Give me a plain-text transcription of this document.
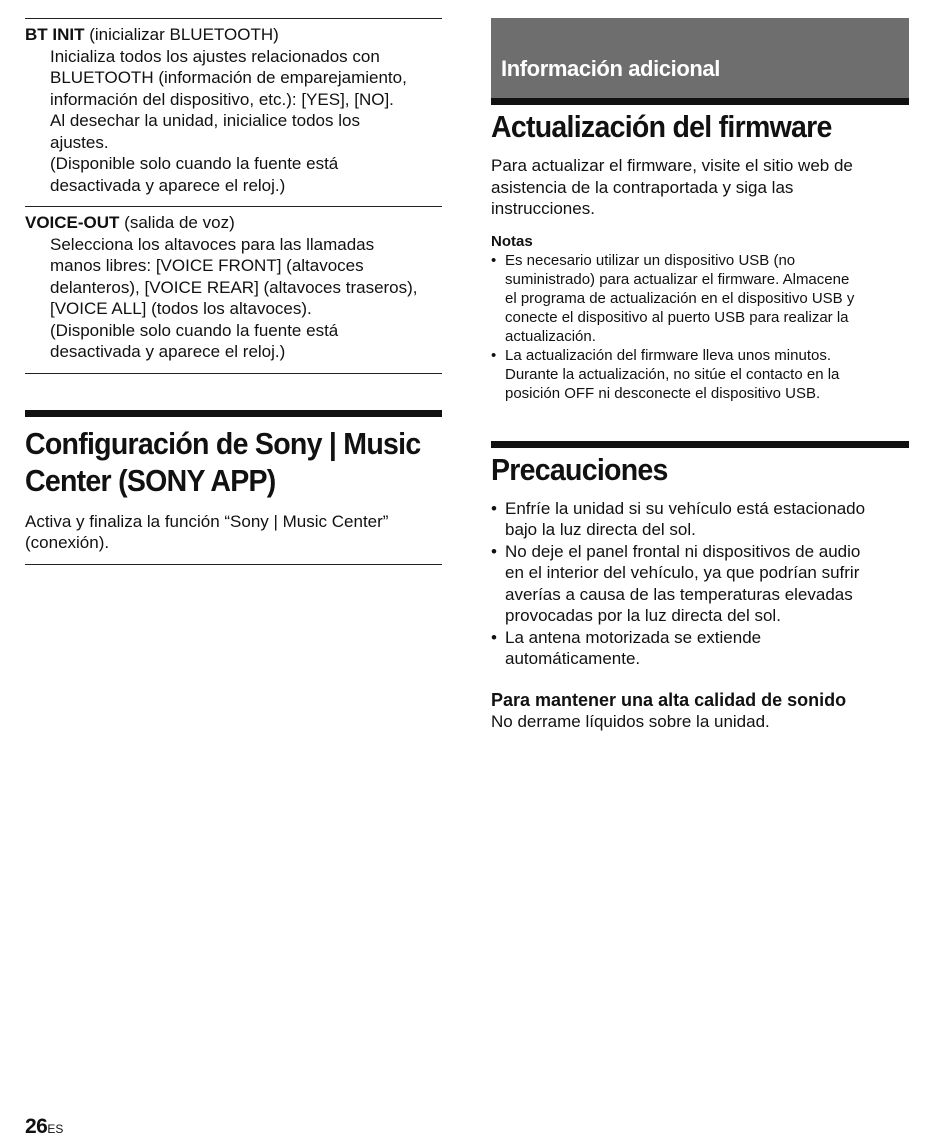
BT INIT (inicializar BLUETOOTH)
Inicializa todos los ajustes relacionados con
BLUETOOTH (información de emparejamiento,
información del dispositivo, etc.): [YES], [NO].
Al desechar la unidad, inicialice todos los
ajustes.
(Disponible solo cuando la fuente está
desactivada y aparece el reloj.)
VOICE-OUT (salida de voz)
Selecciona los altavoces para las llamadas
manos libres: [VOICE FRONT] (altavoces
delanteros), [VOICE REAR] (altavoces traseros),
[VOICE ALL] (todos los altavoces).
(Disponible solo cuando la fuente está
desactivada y aparece el reloj.)
Configuración de Sony | Music
Center (SONY APP)
Activa y finaliza la función “Sony | Music Center”
(conexión).
Información adicional
Actualización del firmware
Para actualizar el firmware, visite el sitio web de
asistencia de la contraportada y siga las
instrucciones.
Notas
• Es necesario utilizar un dispositivo USB (no
suministrado) para actualizar el firmware. Almacene
el programa de actualización en el dispositivo USB y
conecte el dispositivo al puerto USB para realizar la
actualización.
• La actualización del firmware lleva unos minutos.
Durante la actualización, no sitúe el contacto en la
posición OFF ni desconecte el dispositivo USB.
Precauciones
• Enfríe la unidad si su vehículo está estacionado
bajo la luz directa del sol.
• No deje el panel frontal ni dispositivos de audio
en el interior del vehículo, ya que podrían sufrir
averías a causa de las temperaturas elevadas
provocadas por la luz directa del sol.
• La antena motorizada se extiende
automáticamente.
Para mantener una alta calidad de sonido
No derrame líquidos sobre la unidad.
26ES
